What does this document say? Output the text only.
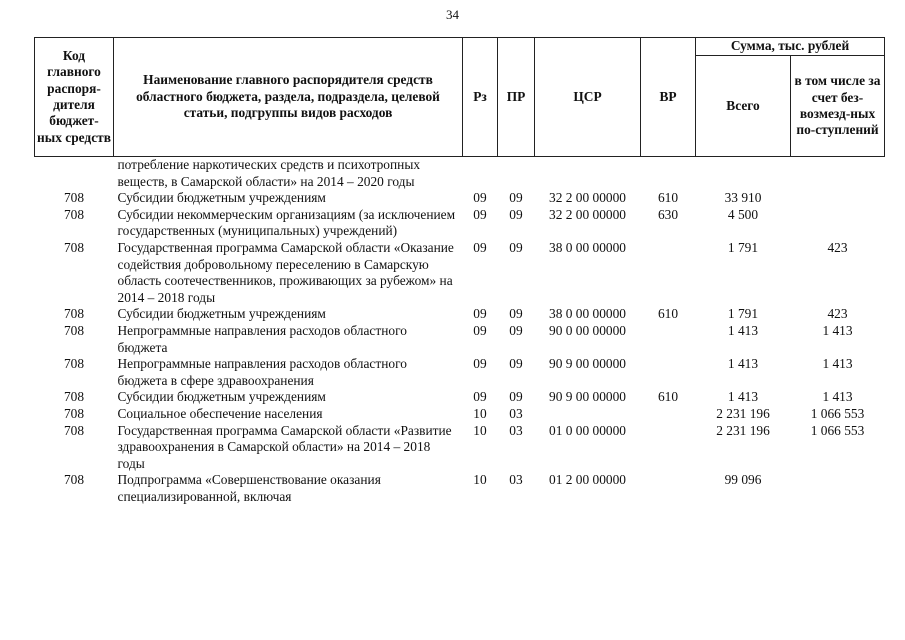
34
Код главного распоря-дителя бюджет-ных средств	Наименование главного распорядителя средств областного бюджета, раздела, подраздела, целевой статьи, подгруппы видов расходов	Рз	ПР	ЦСР	ВР	Сумма, тыс. рублей	
						Всего	в том числе за счет без-возмезд-ных по-ступлений
	потребление наркотических средств и психотропных веществ, в Самарской области» на 2014 – 2020 годы						
708	Субсидии бюджетным учреждениям	09	09	32 2 00 00000	610	33 910	
708	Субсидии некоммерческим организациям (за исключением государственных (муниципальных) учреждений)	09	09	32 2 00 00000	630	4 500	
708	Государственная программа Самарской области «Оказание содействия добровольному переселению в Самарскую область соотечественников, проживающих за рубежом» на 2014 – 2018 годы	09	09	38 0 00 00000		1 791	423
708	Субсидии бюджетным учреждениям	09	09	38 0 00 00000	610	1 791	423
708	Непрограммные направления расходов областного бюджета	09	09	90 0 00 00000		1 413	1 413
708	Непрограммные направления расходов областного бюджета в сфере здравоохранения	09	09	90 9 00 00000		1 413	1 413
708	Субсидии бюджетным учреждениям	09	09	90 9 00 00000	610	1 413	1 413
708	Социальное обеспечение населения	10	03			2 231 196	1 066 553
708	Государственная программа Самарской области «Развитие здравоохранения в Самарской области» на 2014 – 2018 годы	10	03	01 0 00 00000		2 231 196	1 066 553
708	Подпрограмма «Совершенствование оказания специализированной, включая	10	03	01 2 00 00000		99 096	
